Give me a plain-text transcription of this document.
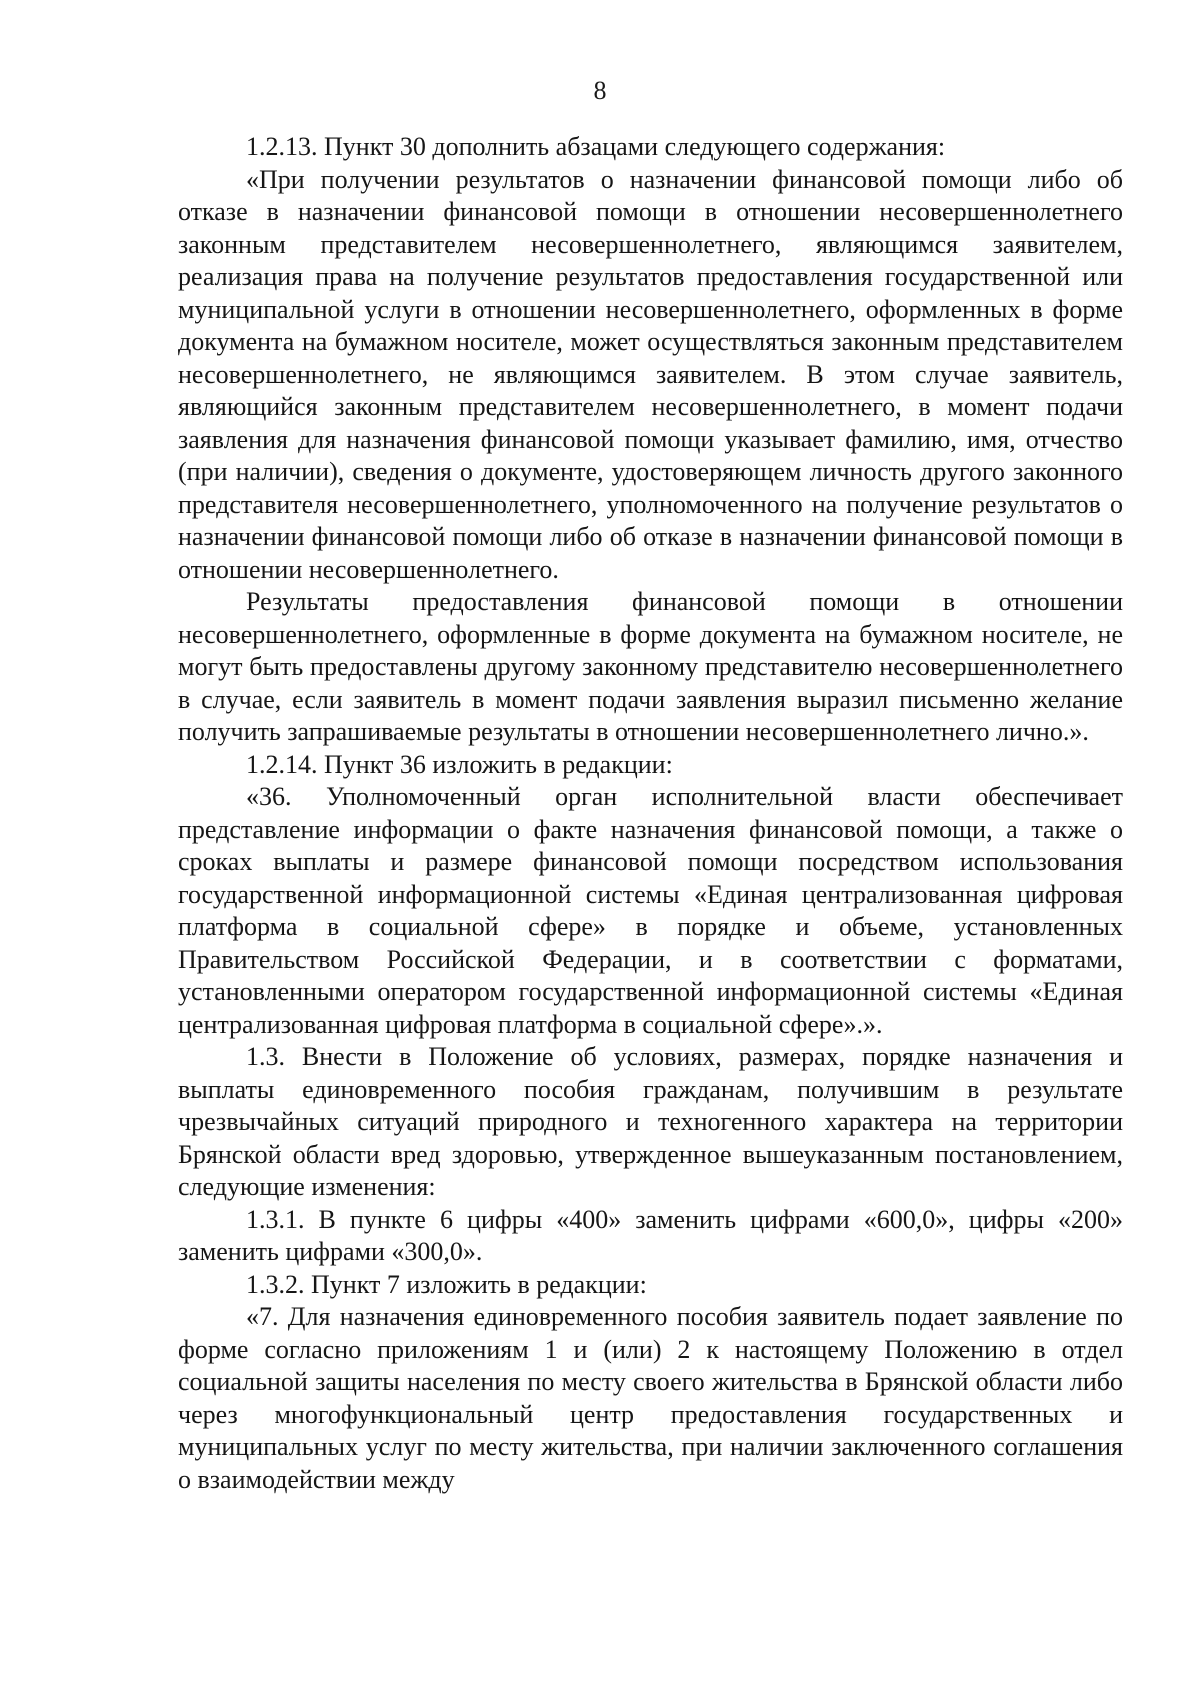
8

1.2.13. Пункт 30 дополнить абзацами следующего содержания:

«При получении результатов о назначении финансовой помощи либо об отказе в назначении финансовой помощи в отношении несовершеннолетнего законным представителем несовершеннолетнего, являющимся заявителем, реализация права на получение результатов предоставления государственной или муниципальной услуги в отношении несовершеннолетнего, оформленных в форме документа на бумажном носителе, может осуществляться законным представителем несовершеннолетнего, не являющимся заявителем. В этом случае заявитель, являющийся законным представителем несовершеннолетнего, в момент подачи заявления для назначения финансовой помощи указывает фамилию, имя, отчество (при наличии), сведения о документе, удостоверяющем личность другого законного представителя несовершеннолетнего, уполномоченного на получение результатов о назначении финансовой помощи либо об отказе в назначении финансовой помощи в отношении несовершеннолетнего.

Результаты предоставления финансовой помощи в отношении несовершеннолетнего, оформленные в форме документа на бумажном носителе, не могут быть предоставлены другому законному представителю несовершеннолетнего в случае, если заявитель в момент подачи заявления выразил письменно желание получить запрашиваемые результаты в отношении несовершеннолетнего лично.».

1.2.14. Пункт 36 изложить в редакции:

«36. Уполномоченный орган исполнительной власти обеспечивает представление информации о факте назначения финансовой помощи, а также о сроках выплаты и размере финансовой помощи посредством использования государственной информационной системы «Единая централизованная цифровая платформа в социальной сфере» в порядке и объеме, установленных Правительством Российской Федерации, и в соответствии с форматами, установленными оператором государственной информационной системы «Единая централизованная цифровая платформа в социальной сфере».».

1.3. Внести в Положение об условиях, размерах, порядке назначения и выплаты единовременного пособия гражданам, получившим в результате чрезвычайных ситуаций природного и техногенного характера на территории Брянской области вред здоровью, утвержденное вышеуказанным постановлением, следующие изменения:

1.3.1. В пункте 6 цифры «400» заменить цифрами «600,0», цифры «200» заменить цифрами «300,0».

1.3.2. Пункт 7 изложить в редакции:

«7. Для назначения единовременного пособия заявитель подает заявление по форме согласно приложениям 1 и (или) 2 к настоящему Положению в отдел социальной защиты населения по месту своего жительства в Брянской области либо через многофункциональный центр предоставления государственных и муниципальных услуг по месту жительства, при наличии заключенного соглашения о взаимодействии между
